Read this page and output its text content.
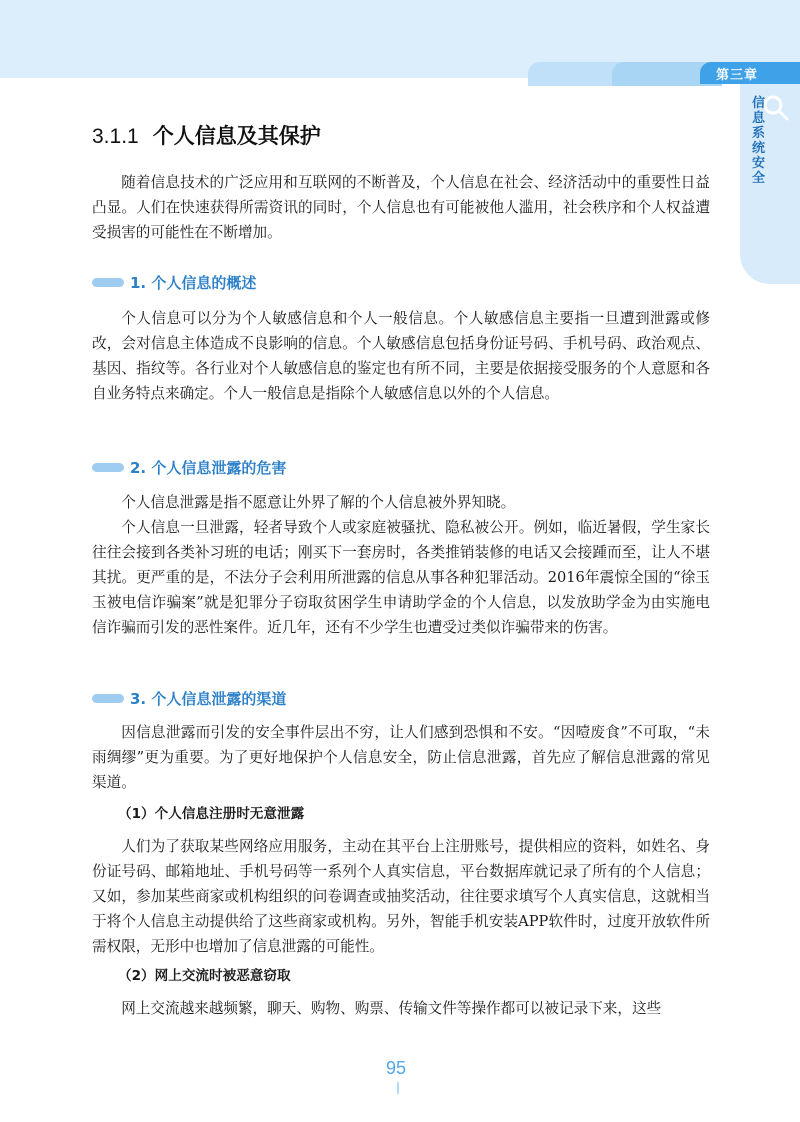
第三章
信息系统安全
3.1.1 个人信息及其保护

随着信息技术的广泛应用和互联网的不断普及，个人信息在社会、经济活动中的重要性日益凸显。人们在快速获得所需资讯的同时，个人信息也有可能被他人滥用，社会秩序和个人权益遭受损害的可能性在不断增加。

1. 个人信息的概述

个人信息可以分为个人敏感信息和个人一般信息。个人敏感信息主要指一旦遭到泄露或修改，会对信息主体造成不良影响的信息。个人敏感信息包括身份证号码、手机号码、政治观点、基因、指纹等。各行业对个人敏感信息的鉴定也有所不同，主要是依据接受服务的个人意愿和各自业务特点来确定。个人一般信息是指除个人敏感信息以外的个人信息。

2. 个人信息泄露的危害

个人信息泄露是指不愿意让外界了解的个人信息被外界知晓。

个人信息一旦泄露，轻者导致个人或家庭被骚扰、隐私被公开。例如，临近暑假，学生家长往往会接到各类补习班的电话；刚买下一套房时，各类推销装修的电话又会接踵而至，让人不堪其扰。更严重的是，不法分子会利用所泄露的信息从事各种犯罪活动。2016年震惊全国的“徐玉玉被电信诈骗案”就是犯罪分子窃取贫困学生申请助学金的个人信息，以发放助学金为由实施电信诈骗而引发的恶性案件。近几年，还有不少学生也遭受过类似诈骗带来的伤害。

3. 个人信息泄露的渠道

因信息泄露而引发的安全事件层出不穷，让人们感到恐惧和不安。“因噎废食”不可取，“未雨绸缪”更为重要。为了更好地保护个人信息安全，防止信息泄露，首先应了解信息泄露的常见渠道。

（1）个人信息注册时无意泄露

人们为了获取某些网络应用服务，主动在其平台上注册账号，提供相应的资料，如姓名、身份证号码、邮箱地址、手机号码等一系列个人真实信息，平台数据库就记录了所有的个人信息；又如，参加某些商家或机构组织的问卷调查或抽奖活动，往往要求填写个人真实信息，这就相当于将个人信息主动提供给了这些商家或机构。另外，智能手机安装APP软件时，过度开放软件所需权限，无形中也增加了信息泄露的可能性。

（2）网上交流时被恶意窃取

网上交流越来越频繁，聊天、购物、购票、传输文件等操作都可以被记录下来，这些

95
